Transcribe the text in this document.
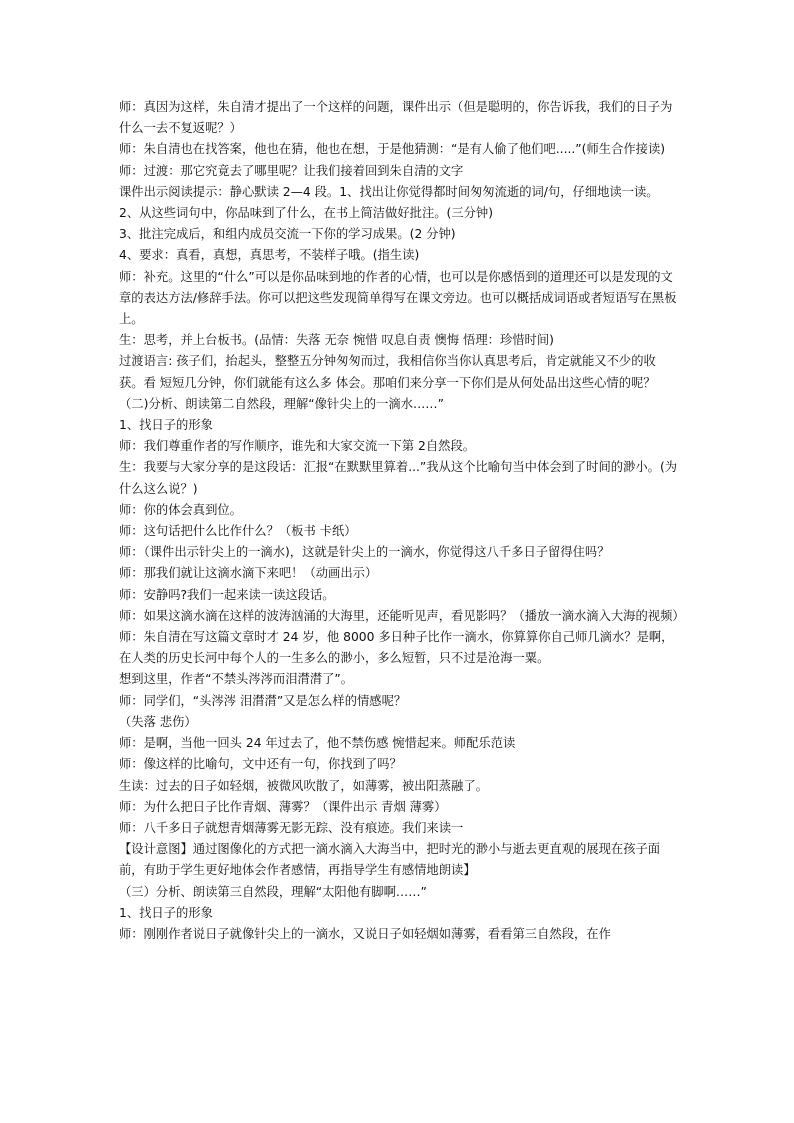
师：真因为这样，朱自清才提出了一个这样的问题，课件出示（但是聪明的，你告诉我，我们的日子为什么一去不复返呢？）

师：朱自清也在找答案，他也在猜，他也在想，于是他猜测：“是有人偷了他们吧.....”(师生合作接读)

师：过渡：那它究竟去了哪里呢？让我们接着回到朱自清的文字

课件出示阅读提示：静心默读 2—4 段。1、找出让你觉得都时间匆匆流逝的词/句，仔细地读一读。

2、从这些词句中，你品味到了什么，在书上简洁做好批注。(三分钟)

3、批注完成后，和组内成员交流一下你的学习成果。(2 分钟)

4、要求：真看，真想，真思考，不装样子哦。(指生读)

师：补充。这里的“什么”可以是你品味到地的作者的心情，也可以是你感悟到的道理还可以是发现的文章的表达方法/修辞手法。你可以把这些发现简单得写在课文旁边。也可以概括成词语或者短语写在黑板上。

生：思考，并上台板书。(品情：失落 无奈 惋惜 叹息自责 懊悔 悟理：珍惜时间)

过渡语言: 孩子们，抬起头，整整五分钟匆匆而过，我相信你当你认真思考后，肯定就能又不少的收获。看 短短几分钟，你们就能有这么多 体会。那咱们来分享一下你们是从何处品出这些心情的呢？

（二)分析、朗读第二自然段，理解“像针尖上的一滴水……”

1、找日子的形象

师：我们尊重作者的写作顺序，谁先和大家交流一下第 2自然段。

生：我要与大家分享的是这段话：汇报“在默默里算着...”我从这个比喻句当中体会到了时间的渺小。(为什么这么说？)

师：你的体会真到位。

师：这句话把什么比作什么？（板书 卡纸）

师：（课件出示针尖上的一滴水)，这就是针尖上的一滴水，你觉得这八千多日子留得住吗？

师：那我们就让这滴水滴下来吧！（动画出示）

师：安静吗?我们一起来读一读这段话。

师：如果这滴水滴在这样的波涛汹涌的大海里，还能听见声，看见影吗？（播放一滴水滴入大海的视频）

师：朱自清在写这篇文章时才 24 岁，他 8000 多日种子比作一滴水，你算算你自己师几滴水？是啊，在人类的历史长河中每个人的一生多么的渺小，多么短暂，只不过是沧海一粟。

想到这里，作者“不禁头涔涔而泪潸潸了”。

师：同学们，“头涔涔 泪潸潸”又是怎么样的情感呢？

（失落 悲伤）

师：是啊，当他一回头 24 年过去了，他不禁伤感 惋惜起来。师配乐范读

师：像这样的比喻句，文中还有一句，你找到了吗？

生读：过去的日子如轻烟，被微风吹散了，如薄雾，被出阳蒸融了。

师：为什么把日子比作青烟、薄雾？（课件出示 青烟 薄雾）

师：八千多日子就想青烟薄雾无影无踪、没有痕迹。我们来读一

【设计意图】通过图像化的方式把一滴水滴入大海当中，把时光的渺小与逝去更直观的展现在孩子面前，有助于学生更好地体会作者感情，再指导学生有感情地朗读】

（三）分析、朗读第三自然段，理解“太阳他有脚啊……”

1、找日子的形象

师：刚刚作者说日子就像针尖上的一滴水，又说日子如轻烟如薄雾，看看第三自然段，在作
